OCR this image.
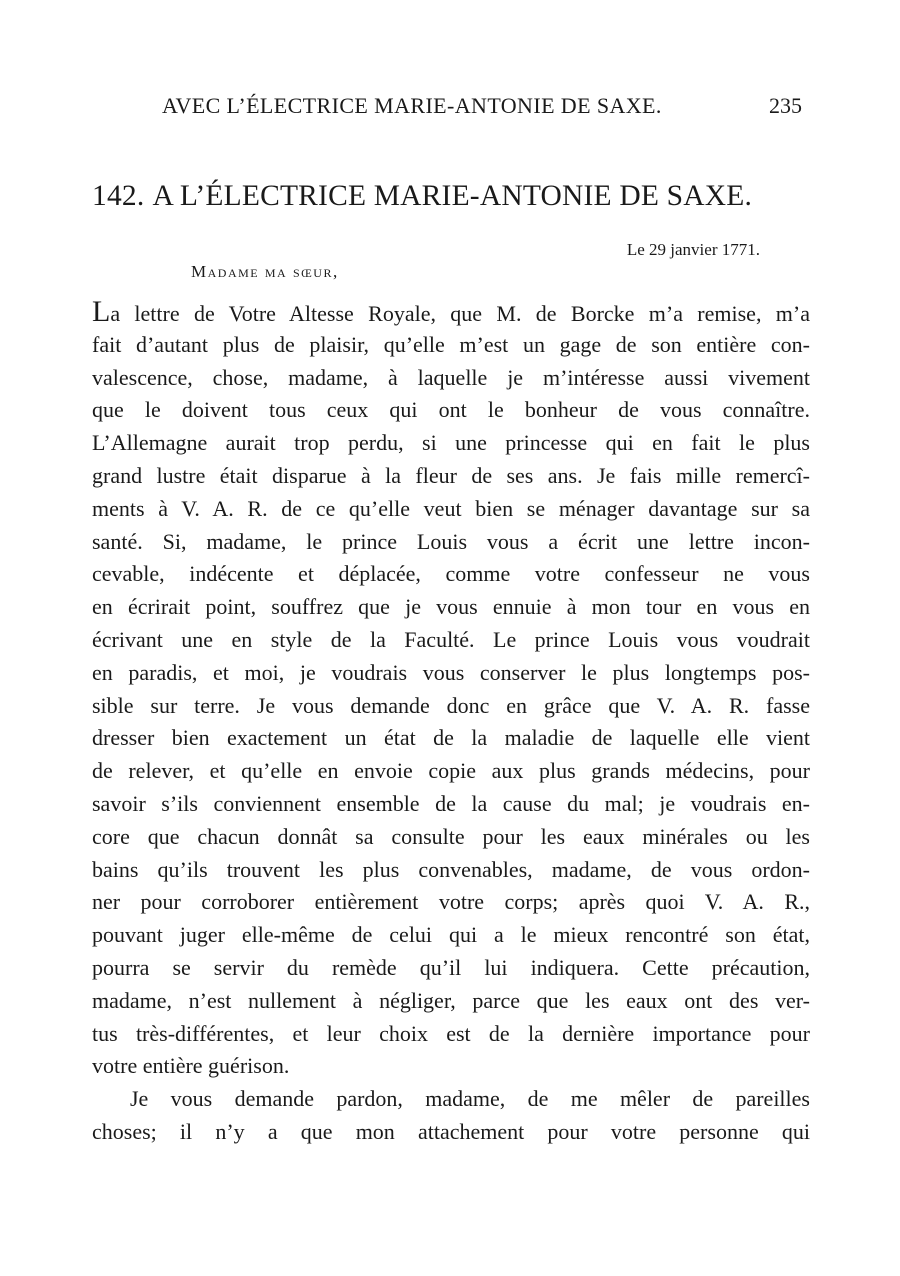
AVEC L’ÉLECTRICE MARIE-ANTONIE DE SAXE.	235
142. A L’ÉLECTRICE MARIE-ANTONIE DE SAXE.
Le 29 janvier 1771.
Madame ma sœur,
La lettre de Votre Altesse Royale, que M. de Borcke m’a remise, m’a
fait d’autant plus de plaisir, qu’elle m’est un gage de son entière con-
valescence, chose, madame, à laquelle je m’intéresse aussi vivement
que le doivent tous ceux qui ont le bonheur de vous connaître.
L’Allemagne aurait trop perdu, si une princesse qui en fait le plus
grand lustre était disparue à la fleur de ses ans. Je fais mille remercî-
ments à V. A. R. de ce qu’elle veut bien se ménager davantage sur sa
santé. Si, madame, le prince Louis vous a écrit une lettre incon-
cevable, indécente et déplacée, comme votre confesseur ne vous
en écrirait point, souffrez que je vous ennuie à mon tour en vous en
écrivant une en style de la Faculté. Le prince Louis vous voudrait
en paradis, et moi, je voudrais vous conserver le plus longtemps pos-
sible sur terre. Je vous demande donc en grâce que V. A. R. fasse
dresser bien exactement un état de la maladie de laquelle elle vient
de relever, et qu’elle en envoie copie aux plus grands médecins, pour
savoir s’ils conviennent ensemble de la cause du mal; je voudrais en-
core que chacun donnât sa consulte pour les eaux minérales ou les
bains qu’ils trouvent les plus convenables, madame, de vous ordon-
ner pour corroborer entièrement votre corps; après quoi V. A. R.,
pouvant juger elle-même de celui qui a le mieux rencontré son état,
pourra se servir du remède qu’il lui indiquera. Cette précaution,
madame, n’est nullement à négliger, parce que les eaux ont des ver-
tus très-différentes, et leur choix est de la dernière importance pour
votre entière guérison.
Je vous demande pardon, madame, de me mêler de pareilles
choses; il n’y a que mon attachement pour votre personne qui
